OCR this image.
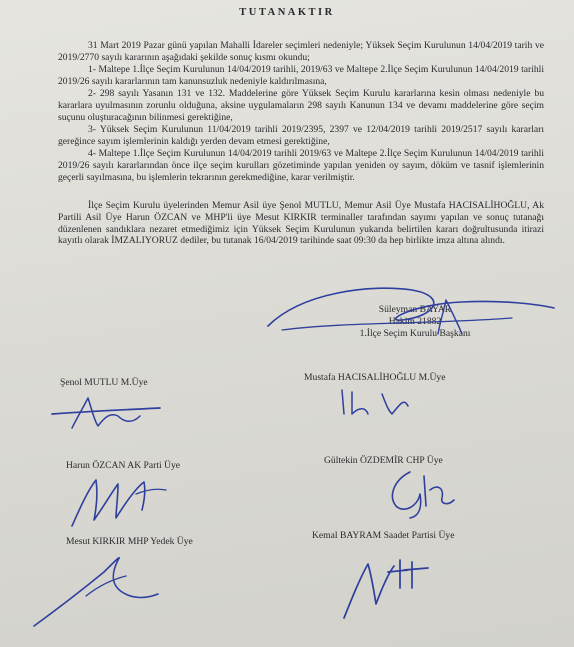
TUTANAKTIR

31 Mart 2019 Pazar günü yapılan Mahalli İdareler seçimleri nedeniyle; Yüksek Seçim Kurulunun 14/04/2019 tarih ve 2019/2770 sayılı kararının aşağıdaki şekilde sonuç kısmı okundu;

1- Maltepe 1.İlçe Seçim Kurulunun 14/04/2019 tarihli, 2019/63 ve Maltepe 2.İlçe Seçim Kurulunun 14/04/2019 tarihli 2019/26 sayılı kararlarının tam kanunsuzluk nedeniyle kaldırılmasına,

2- 298 sayılı Yasanın 131 ve 132. Maddelerine göre Yüksek Seçim Kurulu kararlarına kesin olması nedeniyle bu kararlara uyulmasının zorunlu olduğuna, aksine uygulamaların 298 sayılı Kanunun 134 ve devamı maddelerine göre seçim suçunu oluşturacağının bilinmesi gerektiğine,

3- Yüksek Seçim Kurulunun 11/04/2019 tarihli 2019/2395, 2397 ve 12/04/2019 tarihli 2019/2517 sayılı kararları gereğince sayım işlemlerinin kaldığı yerden devam etmesi gerektiğine,

4- Maltepe 1.İlçe Seçim Kurulunun 14/04/2019 tarihli 2019/63 ve Maltepe 2.İlçe Seçim Kurulunun 14/04/2019 tarihli 2019/26 sayılı kararlarından önce ilçe seçim kurulları gözetiminde yapılan yeniden oy sayım, döküm ve tasnif işlemlerinin geçerli sayılmasına, bu işlemlerin tekrarının gerekmediğine, karar verilmiştir.

İlçe Seçim Kurulu üyelerinden Memur Asil üye Şenol MUTLU, Memur Asil Üye Mustafa HACISALİHOĞLU, Ak Partili Asil Üye Harun ÖZCAN ve MHP'li üye Mesut KIRKIR terminaller tarafından sayımı yapılan ve sonuç tutanağı düzenlenen sandıklara nezaret etmediğimiz için Yüksek Seçim Kurulunun yukarıda belirtilen kararı doğrultusunda itirazi kayıtlı olarak İMZALIYORUZ dediler, bu tutanak 16/04/2019 tarihinde saat 09:30 da hep birlikte imza altına alındı.

Süleyman BAYAR
Hakim 21882
1.İlçe Seçim Kurulu Başkanı
Şenol MUTLU M.Üye	Mustafa HACISALİHOĞLU M.Üye
Harun ÖZCAN AK Parti Üye	Gültekin ÖZDEMİR CHP Üye
Mesut KIRKIR MHP Yedek Üye
Kemal BAYRAM Saadet Partisi Üye
